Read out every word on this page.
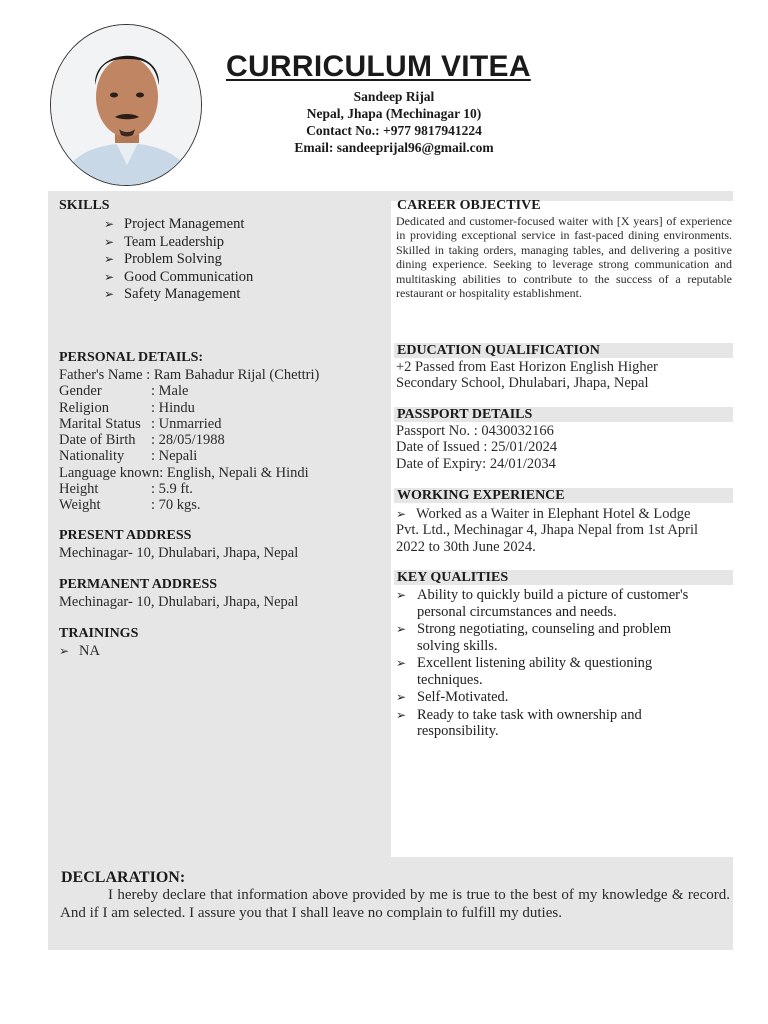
CURRICULUM VITEA
Sandeep Rijal
Nepal, Jhapa (Mechinagar 10)
Contact No.: +977 9817941224
Email: sandeeprijal96@gmail.com
SKILLS
➢ Project Management
➢ Team Leadership
➢ Problem Solving
➢ Good Communication
➢ Safety Management
CAREER OBJECTIVE
Dedicated and customer-focused waiter with [X years] of experience in providing exceptional service in fast-paced dining environments. Skilled in taking orders, managing tables, and delivering a positive dining experience. Seeking to leverage strong communication and multitasking abilities to contribute to the success of a reputable restaurant or hospitality establishment.
PERSONAL DETAILS:
Father's Name : Ram Bahadur Rijal (Chettri)
Gender	: Male
Religion	: Hindu
Marital Status : Unmarried
Date of Birth	: 28/05/1988
Nationality	: Nepali
Language known: English, Nepali & Hindi
Height	: 5.9 ft.
Weight	: 70 kgs.
PRESENT ADDRESS
Mechinagar- 10, Dhulabari, Jhapa, Nepal
PERMANENT ADDRESS
Mechinagar- 10, Dhulabari, Jhapa, Nepal
TRAININGS
➢ NA
EDUCATION QUALIFICATION
+2 Passed from East Horizon English Higher
Secondary School, Dhulabari, Jhapa, Nepal
PASSPORT DETAILS
Passport No. : 0430032166
Date of Issued : 25/01/2024
Date of Expiry: 24/01/2034
WORKING EXPERIENCE
➢ Worked as a Waiter in Elephant Hotel & Lodge
Pvt. Ltd., Mechinagar 4, Jhapa Nepal from 1st April
2022 to 30th June 2024.
KEY QUALITIES
➢ Ability to quickly build a picture of customer's
personal circumstances and needs.
➢ Strong negotiating, counseling and problem
solving skills.
➢ Excellent listening ability & questioning
techniques.
➢ Self-Motivated.
➢ Ready to take task with ownership and
responsibility.
DECLARATION:
I hereby declare that information above provided by me is true to the best of my knowledge & record. And if I am selected. I assure you that I shall leave no complain to fulfill my duties.
